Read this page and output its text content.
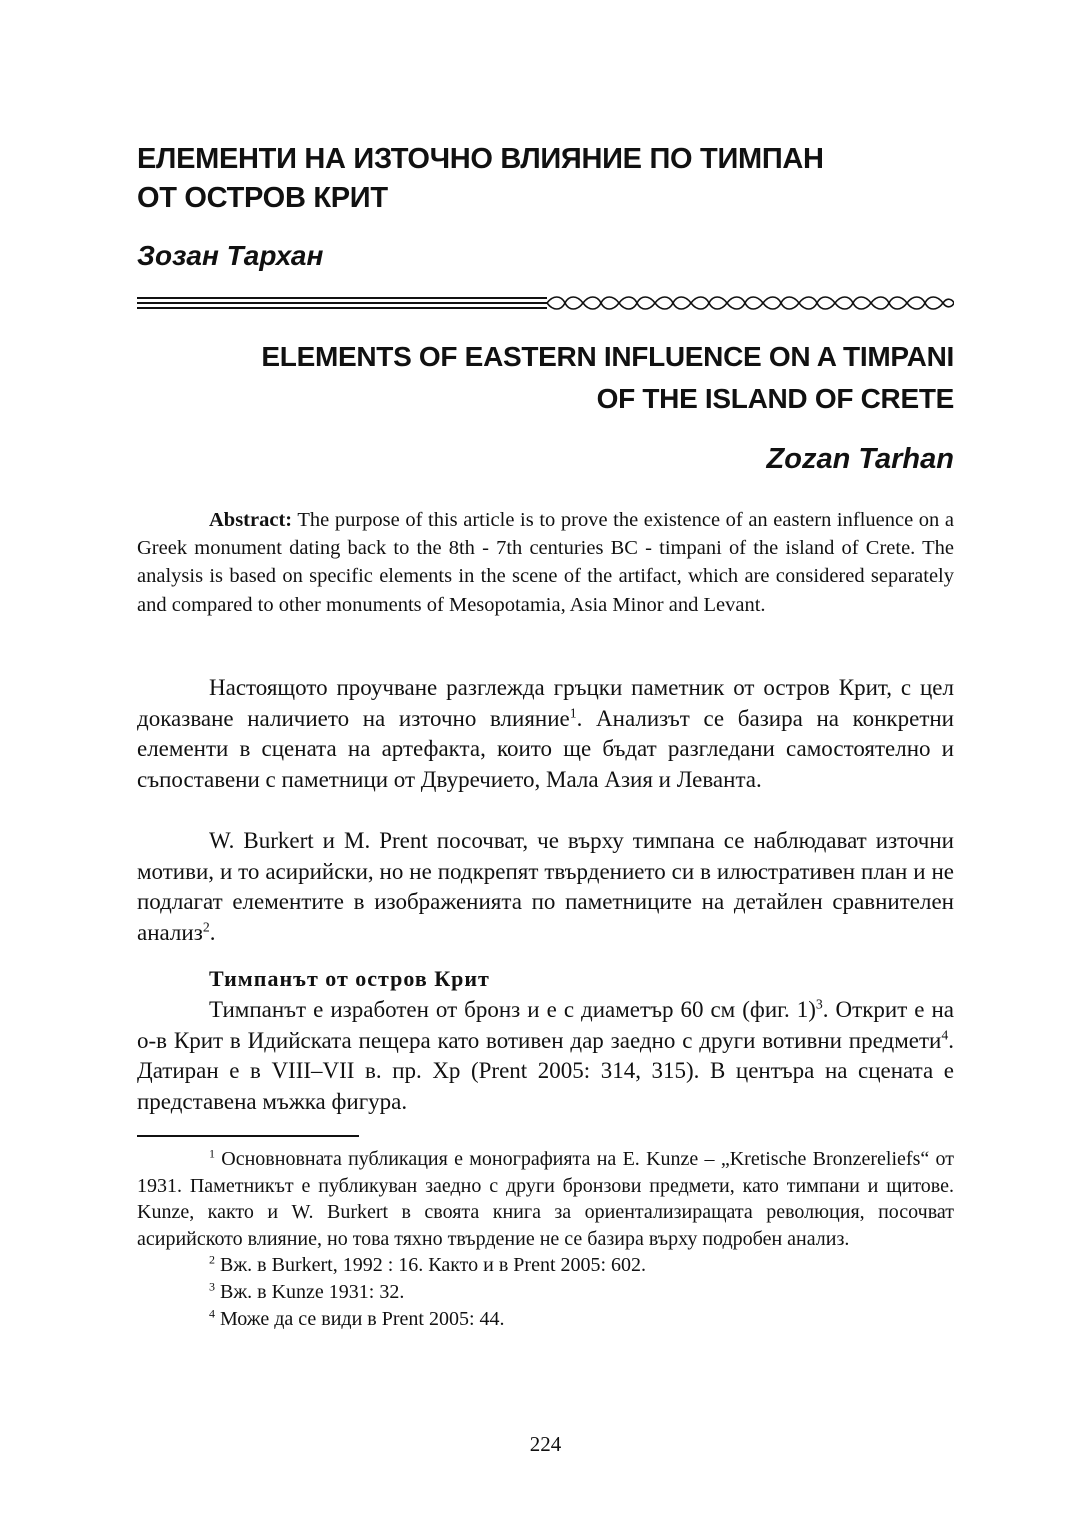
ЕЛЕМЕНТИ НА ИЗТОЧНО ВЛИЯНИЕ ПО ТИМПАН
ОТ ОСТРОВ КРИТ

Зозан Тархан

ELEMENTS OF EASTERN INFLUENCE ON A TIMPANI
OF THE ISLAND OF CRETE

Zozan Tarhan

Abstract: The purpose of this article is to prove the existence of an eastern influence on a Greek monument dating back to the 8th - 7th centuries BC - timpani of the island of Crete. The analysis is based on specific elements in the scene of the artifact, which are considered separately and compared to other monuments of Mesopotamia, Asia Minor and Levant.

Настоящото проучване разглежда гръцки паметник от остров Крит, с цел доказване наличието на източно влияние$^1$. Анализът се базира на конкретни елементи в сцената на артефакта, които ще бъдат разгледани самостоятелно и съпоставени с паметници от Двуречието, Мала Азия и Леванта.

W. Burkert и M. Prent посочват, че върху тимпана се наблюдават източни мотиви, и то асирийски, но не подкрепят твърдението си в илюстративен план и не подлагат елементите в изображенията по паметниците на детайлен сравнителен анализ$^2$.

Тимпанът от остров Крит

Тимпанът е изработен от бронз и е с диаметър 60 см (фиг. 1)$^3$. Открит е на о-в Крит в Идийската пещера като вотивен дар заедно с други вотивни предмети$^4$. Датиран е в VIII–VII в. пр. Хр (Prent 2005: 314, 315). В центъра на сцената е представена мъжка фигура.

$^1$ Основновната публикация е монографията на E. Kunze – „Kretische Bronzereliefs“ от 1931. Паметникът е публикуван заедно с други бронзови предмети, като тимпани и щитове. Kunze, както и W. Burkert в своята книга за ориентализиращата революция, посочват асирийското влияние, но това тяхно твърдение не се базира върху подробен анализ.

$^2$ Вж. в Burkert, 1992 : 16. Както и в Prent 2005: 602.

$^3$ Вж. в Kunze 1931: 32.

$^4$ Може да се види в Prent 2005: 44.

224
